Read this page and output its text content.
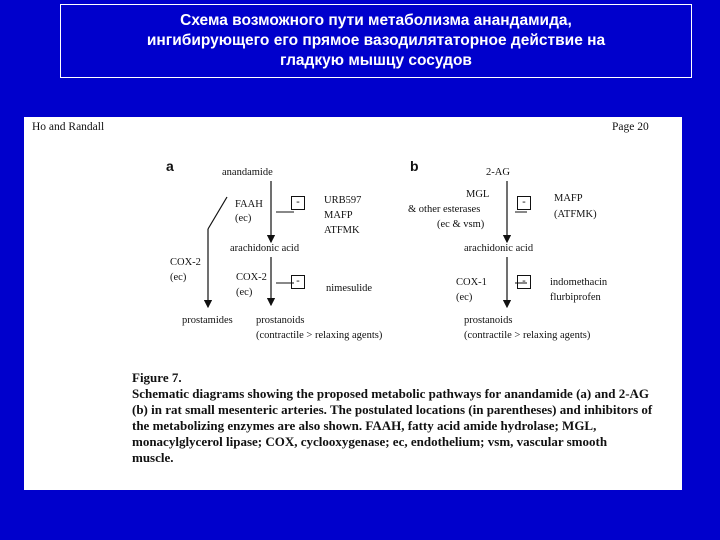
Схема возможного пути метаболизма анандамида,
ингибирующего его прямое вазодилятаторное действие на
гладкую мышцу сосудов
Ho and Randall	Page 20
a	anandamide
FAAH
(ec)
-	URB597
MAFP
ATFMK
arachidonic acid
COX-2
(ec)	COX-2
(ec)
-
nimesulide
prostamides prostanoids
(contractile > relaxing agents)
b	2-AG
MGL
& other esterases
(ec & vsm)
-	MAFP
(ATFMK)
arachidonic acid
COX-1
(ec)
-	indomethacin
flurbiprofen
prostanoids
(contractile > relaxing agents)
Figure 7.
Schematic diagrams showing the proposed metabolic pathways for anandamide (a) and 2-AG
(b) in rat small mesenteric arteries. The postulated locations (in parentheses) and inhibitors of
the metabolizing enzymes are also shown. FAAH, fatty acid amide hydrolase; MGL,
monacylglycerol lipase; COX, cyclooxygenase; ec, endothelium; vsm, vascular smooth
muscle.
